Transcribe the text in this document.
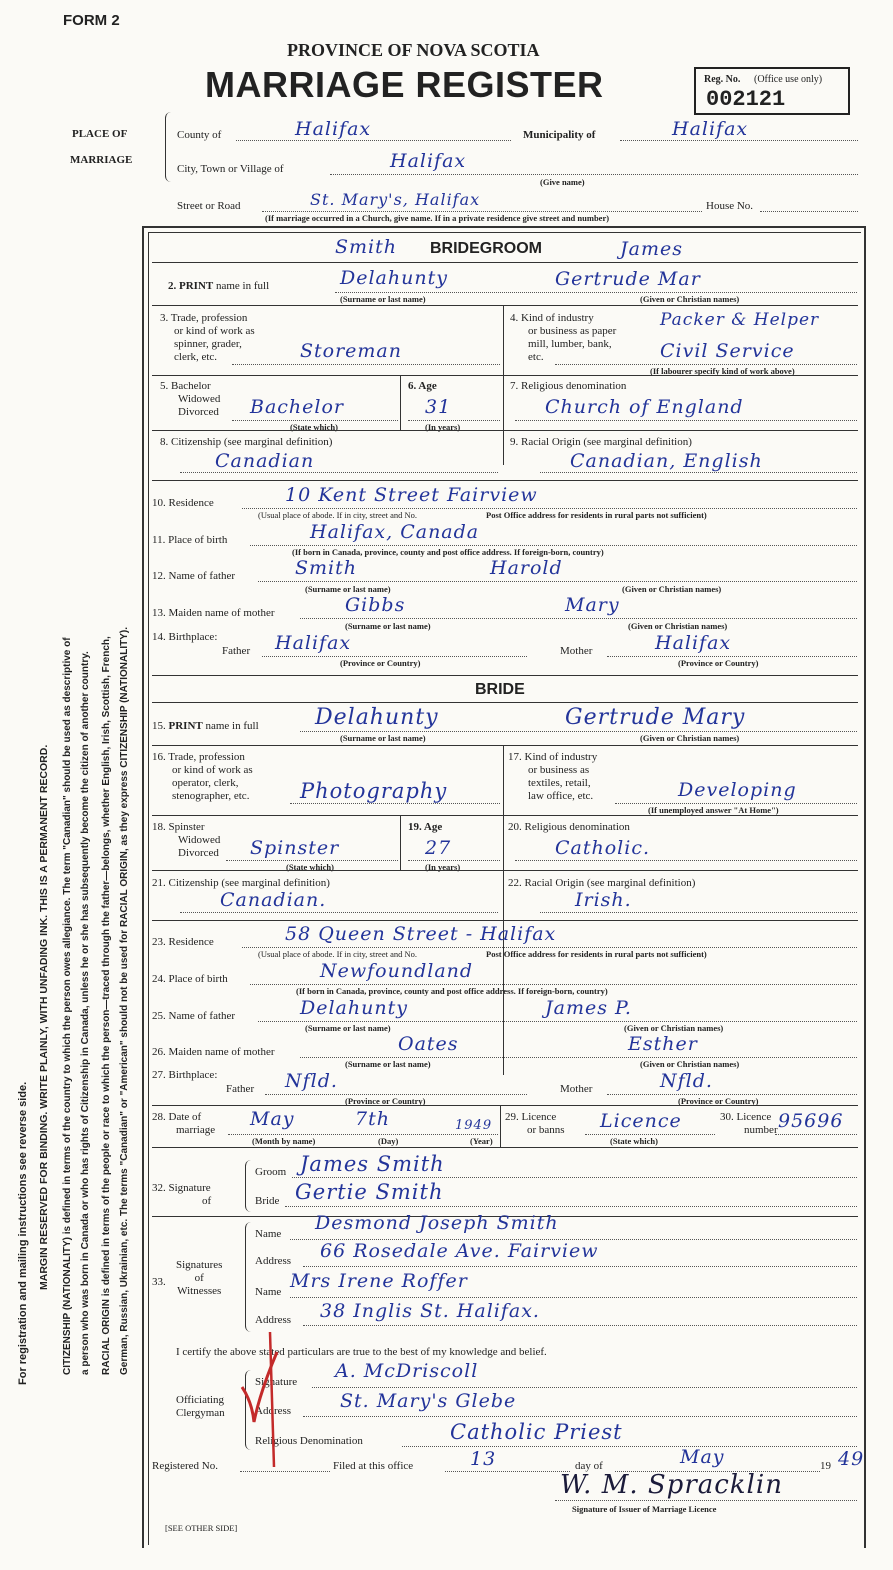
FORM 2
PROVINCE OF NOVA SCOTIA
MARRIAGE REGISTER	Reg. No. (Office use only)
002121
PLACE OF
MARRIAGE
County of	Halifax	Municipality of	Halifax
City, Town or Village of	Halifax
(Give name)
Street or Road	St. Mary's, Halifax	House No.
(If marriage occurred in a Church, give name. If in a private residence give street and number)
Smith BRIDEGROOM	James
2. PRINT name in full	Delahunty	Gertrude Mar
(Surname or last name)	(Given or Christian names)
3. Trade, profession
or kind of work as
spinner, grader,
clerk, etc.	Storeman
4. Kind of industry
or business as paper
mill, lumber, bank,
etc.
Packer & Helper
Civil Service
(If labourer specify kind of work above)
5. Bachelor
Widowed
Divorced Bachelor
(State which)
6. Age
31
(In years)
7. Religious denomination
Church of England
8. Citizenship (see marginal definition)
Canadian
9. Racial Origin (see marginal definition)
Canadian, English
10. Residence	10 Kent Street Fairview
(Usual place of abode. If in city, street and No.	Post Office address for residents in rural parts not sufficient)
11. Place of birth	Halifax, Canada
(If born in Canada, province, county and post office address. If foreign-born, country)
12. Name of father	Smith	Harold
(Surname or last name)	(Given or Christian names)
13. Maiden name of mother	Gibbs	Mary
(Surname or last name)	(Given or Christian names)
14. Birthplace:
Father Halifax
(Province or Country)
Mother	Halifax
(Province or Country)
BRIDE
15. PRINT name in full	Delahunty	Gertrude Mary
(Surname or last name)	(Given or Christian names)
16. Trade, profession
or kind of work as
operator, clerk,
stenographer, etc. Photography
17. Kind of industry
or business as
textiles, retail,
law office, etc.	Developing
(If unemployed answer "At Home")
18. Spinster
Widowed
Divorced Spinster
(State which)
19. Age
27
(In years)
20. Religious denomination
Catholic.
21. Citizenship (see marginal definition)
Canadian.
22. Racial Origin (see marginal definition)
Irish.
23. Residence	58 Queen Street - Halifax
(Usual place of abode. If in city, street and No.	Post Office address for residents in rural parts not sufficient)
24. Place of birth	Newfoundland
(If born in Canada, province, county and post office address. If foreign-born, country)
25. Name of father	Delahunty	James P.
(Surname or last name)	(Given or Christian names)
26. Maiden name of mother	Oates	Esther
(Surname or last name)	(Given or Christian names)
27. Birthplace:
Father Nfld.
(Province or Country)
Mother	Nfld.
(Province or Country)
28. Date of
marriage May	7th	1949
(Month by name)	(Day)	(Year)
29. Licence
or banns Licence
(State which)
30. Licence
number 95696
32. Signature
of
Groom James Smith
Bride Gertie Smith
33.
Signatures
of
Witnesses
Name Desmond Joseph Smith
Address 66 Rosedale Ave. Fairview
Name Mrs Irene Roffer
Address 38 Inglis St. Halifax.
I certify the above stated particulars are true to the best of my knowledge and belief.
Officiating
Clergyman
Signature A. McDriscoll
Address	St. Mary's Glebe
Religious Denomination	Catholic Priest
Registered No.	Filed at this office	13	day of	May	19 49
W. M. Spracklin
Signature of Issuer of Marriage Licence
[SEE OTHER SIDE]
For registration and mailing instructions see reverse side. MARGIN RESERVED FOR BINDING. WRITE PLAINLY, WITH UNFADING INK. THIS IS A PERMANENT RECORD. CITIZENSHIP (NATIONALITY) is defined in terms of the country to which the person owes allegiance. The term "Canadian" should be used as descriptive of a person who was born in Canada or who has rights of Citizenship in Canada, unless he or she has subsequently become the citizen of another country. RACIAL ORIGIN is defined in terms of the people or race to which the person—traced through the father—belongs, whether English, Irish, Scottish, French, German, Russian, Ukrainian, etc. The terms "Canadian" or "American" should not be used for RACIAL ORIGIN, as they express CITIZENSHIP (NATIONALITY).
